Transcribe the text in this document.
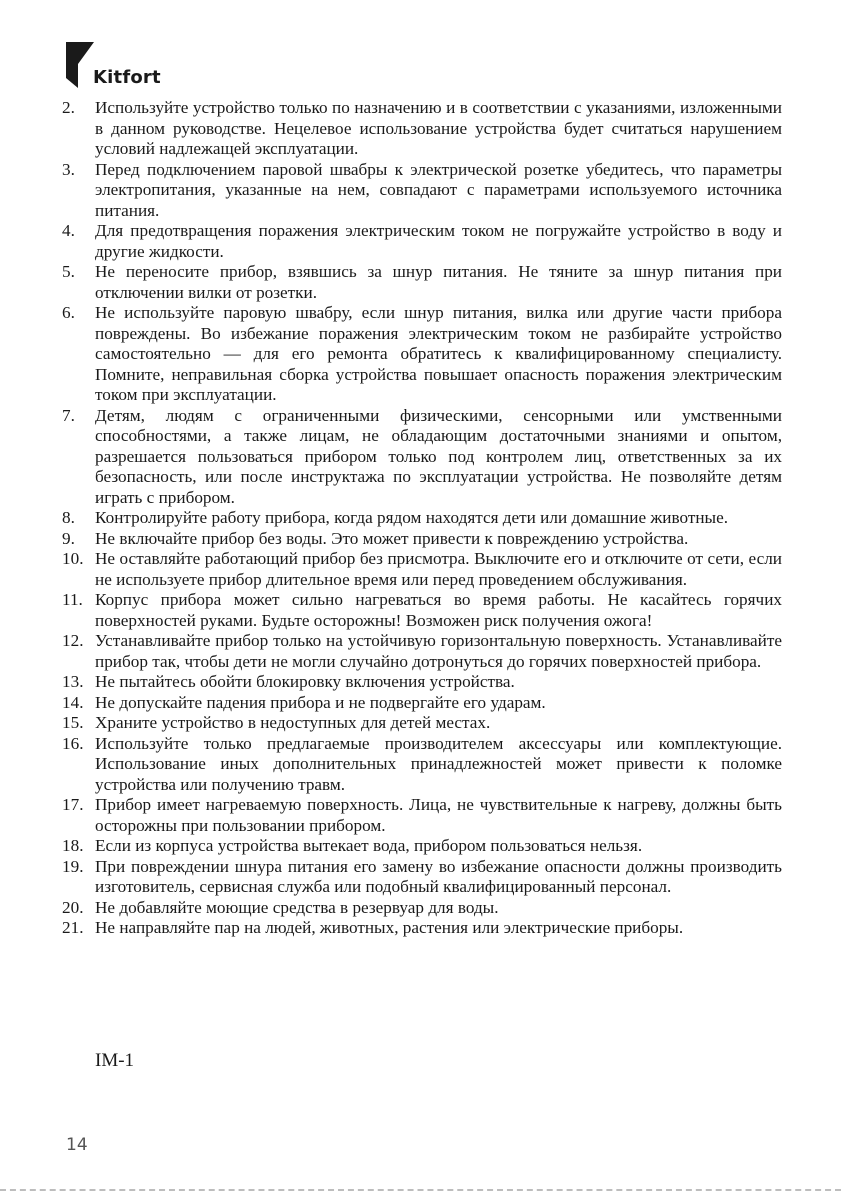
Kitfort
2.	Используйте устройство только по назначению и в соответствии с указаниями, изложенными в данном руководстве. Нецелевое использование устройства будет считаться нарушением условий надлежащей эксплуатации.
3.	Перед подключением паровой швабры к электрической розетке убедитесь, что параметры электропитания, указанные на нем, совпадают с параметрами используемого источника питания.
4.	Для предотвращения поражения электрическим током не погружайте устройство в воду и другие жидкости.
5.	Не переносите прибор, взявшись за шнур питания. Не тяните за шнур питания при отключении вилки от розетки.
6.	Не используйте паровую швабру, если шнур питания, вилка или другие части прибора повреждены. Во избежание поражения электрическим током не разбирайте устройство самостоятельно — для его ремонта обратитесь к квалифицированному специалисту. Помните, неправильная сборка устройства повышает опасность поражения электрическим током при эксплуатации.
7.	Детям, людям с ограниченными физическими, сенсорными или умственными способностями, а также лицам, не обладающим достаточными знаниями и опытом, разрешается пользоваться прибором только под контролем лиц, ответственных за их безопасность, или после инструктажа по эксплуатации устройства. Не позволяйте детям играть с прибором.
8.	Контролируйте работу прибора, когда рядом находятся дети или домашние животные.
9.	Не включайте прибор без воды. Это может привести к повреждению устройства.
10. Не оставляйте работающий прибор без присмотра. Выключите его и отключите от сети, если не используете прибор длительное время или перед проведением обслуживания.
11. Корпус прибора может сильно нагреваться во время работы. Не касайтесь горячих поверхностей руками. Будьте осторожны! Возможен риск получения ожога!
12. Устанавливайте прибор только на устойчивую горизонтальную поверхность. Устанавливайте прибор так, чтобы дети не могли случайно дотронуться до горячих поверхностей прибора.
13. Не пытайтесь обойти блокировку включения устройства.
14. Не допускайте падения прибора и не подвергайте его ударам.
15. Храните устройство в недоступных для детей местах.
16. Используйте только предлагаемые производителем аксессуары или комплектующие. Использование иных дополнительных принадлежностей может привести к поломке устройства или получению травм.
17. Прибор имеет нагреваемую поверхность. Лица, не чувствительные к нагреву, должны быть осторожны при пользовании прибором.
18. Если из корпуса устройства вытекает вода, прибором пользоваться нельзя.
19. При повреждении шнура питания его замену во избежание опасности должны производить изготовитель, сервисная служба или подобный квалифицированный персонал.
20. Не добавляйте моющие средства в резервуар для воды.
21. Не направляйте пар на людей, животных, растения или электрические приборы.
IM-1
14
